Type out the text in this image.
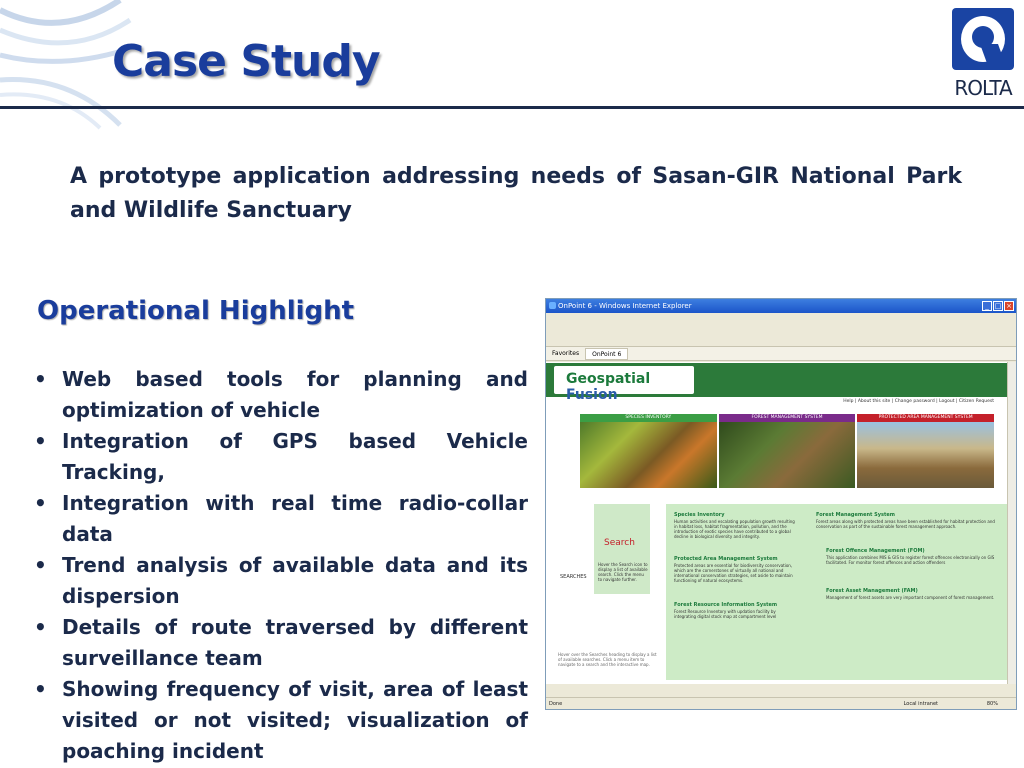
Case Study
ROLTA
A prototype application addressing needs of Sasan-GIR National Park and Wildlife Sanctuary
Operational Highlight
• Web based tools for planning and optimization of vehicle
• Integration of GPS based Vehicle Tracking,
• Integration with real time radio-collar data
• Trend analysis of available data and its dispersion
• Details of route traversed by different surveillance team
• Showing frequency of visit, area of least visited or not visited; visualization of poaching incident
OnPoint 6 - Windows Internet Explorer	_ □ ×
Favorites	OnPoint 6
Geospatial Fusion	Help | About this site | Change password | Logout | Citizen Request
SPECIES INVENTORY	FOREST MANAGEMENT SYSTEM	PROTECTED AREA MANAGEMENT SYSTEM
Search
Hover the Search icon to display a list of available search. Click the menu to navigate further.
SEARCHES
Hover over the Searches heading to display a list of available searches. Click a menu item to navigate to a search and the interactive map.
Species Inventory
Human activities and escalating population growth resulting in habitat loss, habitat fragmentation, pollution, and the introduction of exotic species have contributed to a global decline in biological diversity and integrity.
Protected Area Management System
Protected areas are essential for biodiversity conservation, which are the cornerstones of virtually all national and international conservation strategies, set aside to maintain functioning of natural ecosystems.
Forest Resource Information System
Forest Resource Inventory with updation facility by integrating digital stock map at compartment level
Forest Management System
Forest areas along with protected areas have been established for habitat protection and conservation as part of the sustainable forest management approach.
Forest Offence Management (FOM)
This application combines MIS & GIS to register forest offences electronically on GIS facilitated. For monitor forest offences and action offenders
Forest Asset Management (FAM)
Management of forest assets are very important component of forest management.
Done	Local intranet	80%
